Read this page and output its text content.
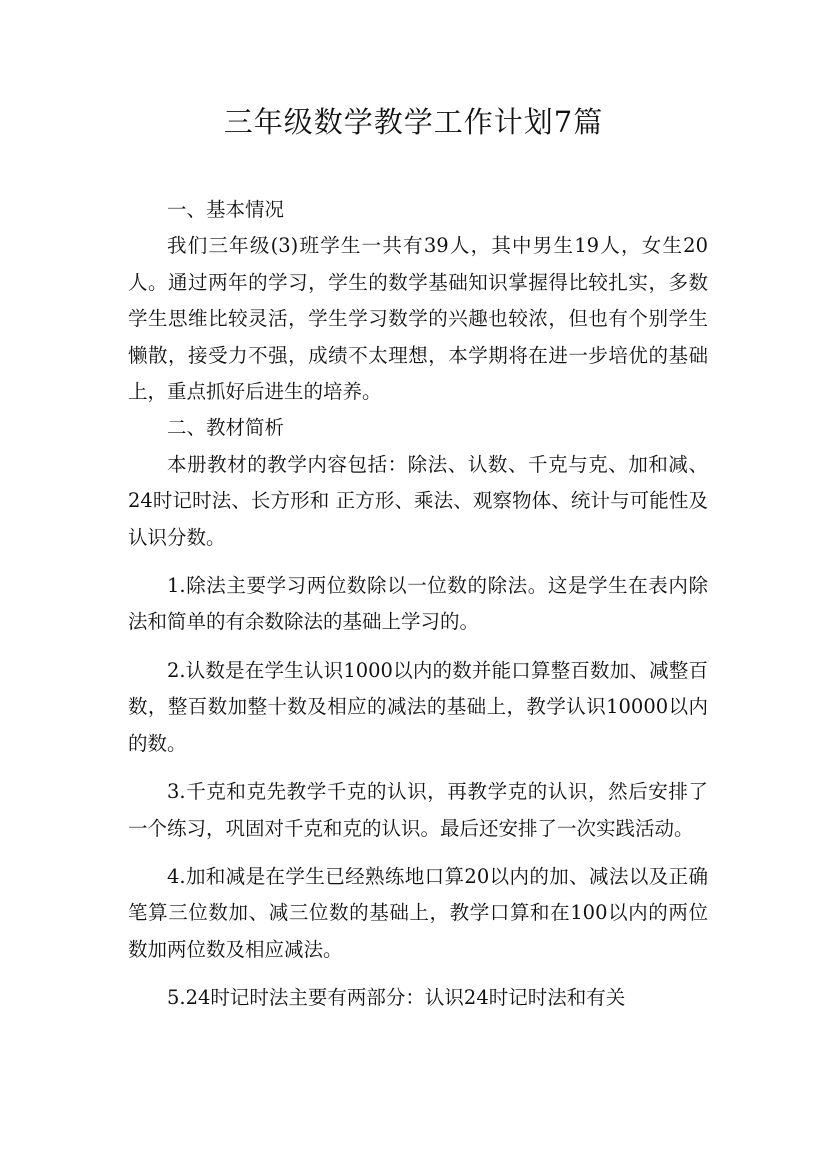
三年级数学教学工作计划7篇

一、基本情况

我们三年级(3)班学生一共有39人，其中男生19人，女生20人。通过两年的学习，学生的数学基础知识掌握得比较扎实，多数学生思维比较灵活，学生学习数学的兴趣也较浓，但也有个别学生懒散，接受力不强，成绩不太理想，本学期将在进一步培优的基础上，重点抓好后进生的培养。

二、教材简析

本册教材的教学内容包括：除法、认数、千克与克、加和减、24时记时法、长方形和 正方形、乘法、观察物体、统计与可能性及认识分数。

1.除法主要学习两位数除以一位数的除法。这是学生在表内除法和简单的有余数除法的基础上学习的。

2.认数是在学生认识1000以内的数并能口算整百数加、减整百数，整百数加整十数及相应的减法的基础上，教学认识10000以内的数。

3.千克和克先教学千克的认识，再教学克的认识，然后安排了一个练习，巩固对千克和克的认识。最后还安排了一次实践活动。

4.加和减是在学生已经熟练地口算20以内的加、减法以及正确笔算三位数加、减三位数的基础上，教学口算和在100以内的两位数加两位数及相应减法。

5.24时记时法主要有两部分：认识24时记时法和有关
